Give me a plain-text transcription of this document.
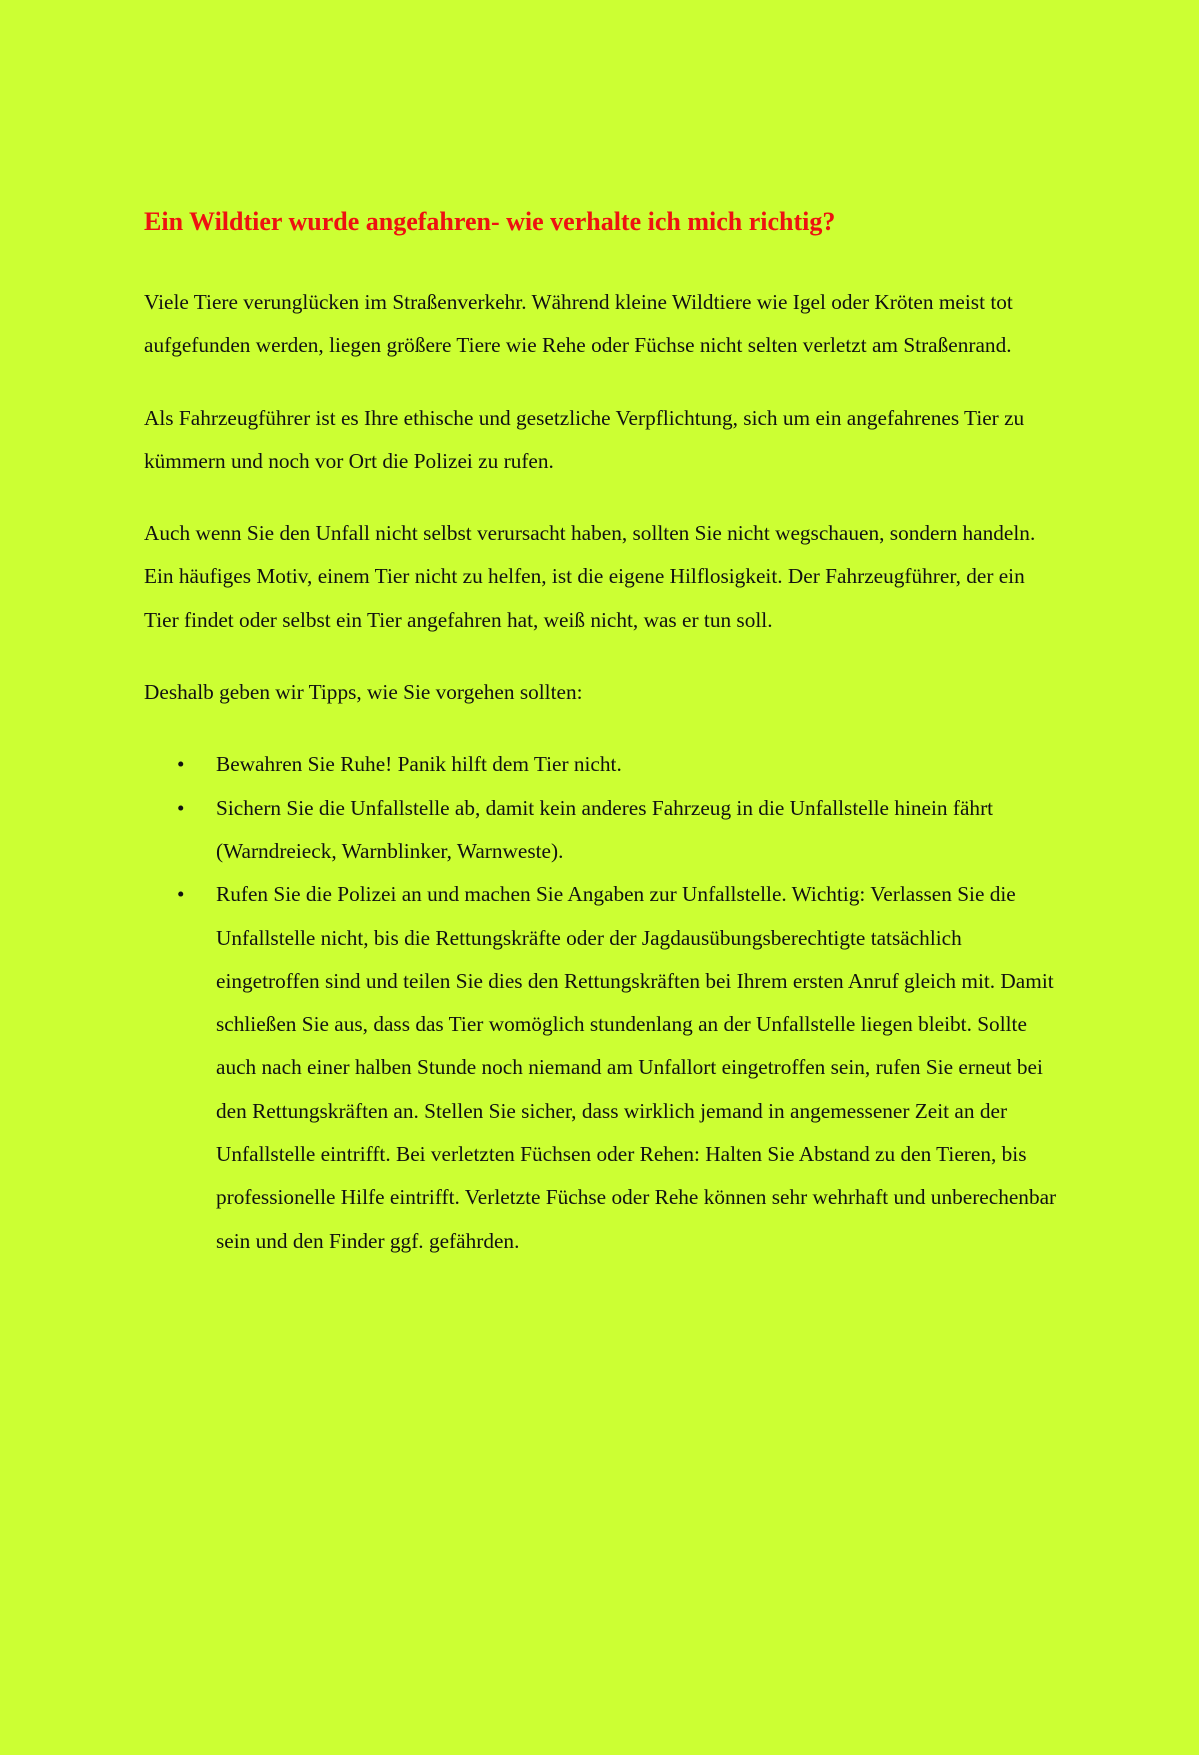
Ein Wildtier wurde angefahren- wie verhalte ich mich richtig?

Viele Tiere verunglücken im Straßenverkehr. Während kleine Wildtiere wie Igel oder Kröten meist tot aufgefunden werden, liegen größere Tiere wie Rehe oder Füchse nicht selten verletzt am Straßenrand.

Als Fahrzeugführer ist es Ihre ethische und gesetzliche Verpflichtung, sich um ein angefahrenes Tier zu kümmern und noch vor Ort die Polizei zu rufen.

Auch wenn Sie den Unfall nicht selbst verursacht haben, sollten Sie nicht wegschauen, sondern handeln. Ein häufiges Motiv, einem Tier nicht zu helfen, ist die eigene Hilflosigkeit. Der Fahrzeugführer, der ein Tier findet oder selbst ein Tier angefahren hat, weiß nicht, was er tun soll.

Deshalb geben wir Tipps, wie Sie vorgehen sollten:

• Bewahren Sie Ruhe! Panik hilft dem Tier nicht.
• Sichern Sie die Unfallstelle ab, damit kein anderes Fahrzeug in die Unfallstelle hinein fährt (Warndreieck, Warnblinker, Warnweste).
• Rufen Sie die Polizei an und machen Sie Angaben zur Unfallstelle. Wichtig: Verlassen Sie die Unfallstelle nicht, bis die Rettungskräfte oder der Jagdausübungsberechtigte tatsächlich eingetroffen sind und teilen Sie dies den Rettungskräften bei Ihrem ersten Anruf gleich mit. Damit schließen Sie aus, dass das Tier womöglich stundenlang an der Unfallstelle liegen bleibt. Sollte auch nach einer halben Stunde noch niemand am Unfallort eingetroffen sein, rufen Sie erneut bei den Rettungskräften an. Stellen Sie sicher, dass wirklich jemand in angemessener Zeit an der Unfallstelle eintrifft. Bei verletzten Füchsen oder Rehen: Halten Sie Abstand zu den Tieren, bis professionelle Hilfe eintrifft. Verletzte Füchse oder Rehe können sehr wehrhaft und unberechenbar sein und den Finder ggf. gefährden.
